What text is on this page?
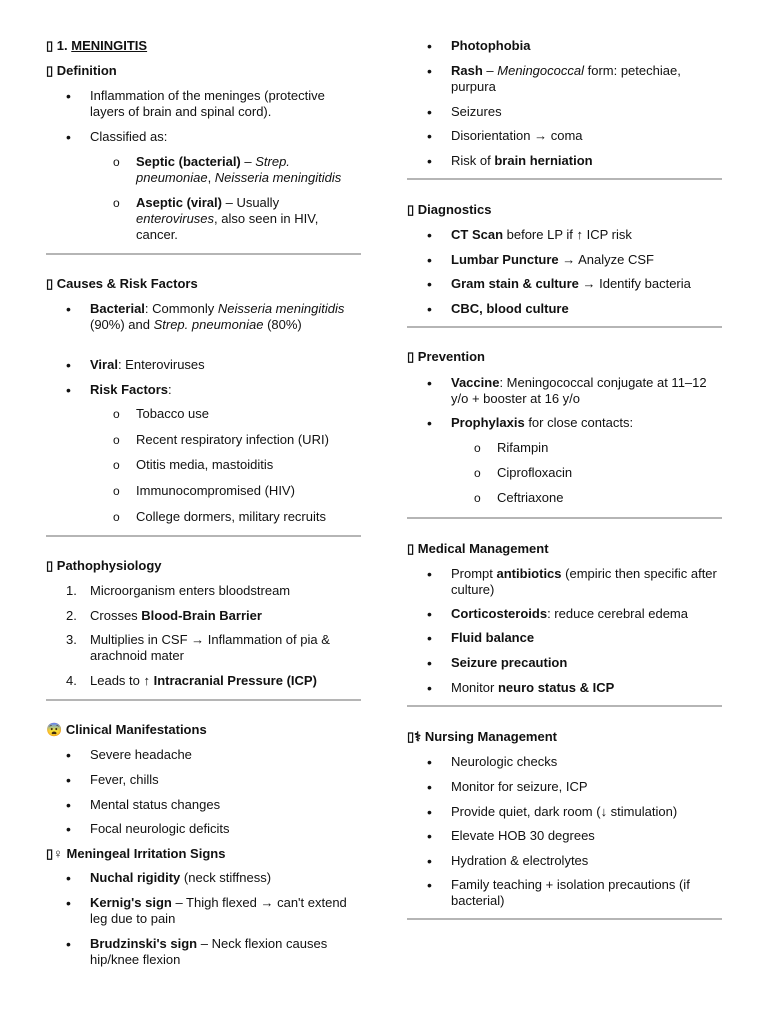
▯ 1. MENINGITIS
▯ Definition
•
Inflammation of the meninges (protective layers of brain and spinal cord).
•
Classified as:
o Septic (bacterial) – Strep. pneumoniae, Neisseria meningitidis
o Aseptic (viral) – Usually enteroviruses, also seen in HIV, cancer.
▯ Causes & Risk Factors
•
Bacterial: Commonly Neisseria meningitidis (90%) and Strep. pneumoniae (80%)
•
Viral: Enteroviruses
•
Risk Factors:
o Tobacco use
o Recent respiratory infection (URI)
o Otitis media, mastoiditis
o Immunocompromised (HIV)
o College dormers, military recruits
▯ Pathophysiology
1. Microorganism enters bloodstream
2. Crosses Blood-Brain Barrier
3. Multiplies in CSF → Inflammation of pia & arachnoid mater
4. Leads to ↑ Intracranial Pressure (ICP)
😨 Clinical Manifestations
•
Severe headache
•
Fever, chills
•
Mental status changes
•
Focal neurologic deficits
▯♀ Meningeal Irritation Signs
•
Nuchal rigidity (neck stiffness)
•
Kernig's sign – Thigh flexed → can't extend leg due to pain
•
Brudzinski's sign – Neck flexion causes hip/knee flexion
•
Photophobia
•
Rash – Meningococcal form: petechiae, purpura
•
Seizures
•
Disorientation → coma
•
Risk of brain herniation
▯ Diagnostics
•
CT Scan before LP if ↑ ICP risk
•
Lumbar Puncture → Analyze CSF
•
Gram stain & culture → Identify bacteria
•
CBC, blood culture
▯ Prevention
•
Vaccine: Meningococcal conjugate at 11–12 y/o + booster at 16 y/o
•
Prophylaxis for close contacts:
o Rifampin
o Ciprofloxacin
o Ceftriaxone
▯ Medical Management
•
Prompt antibiotics (empiric then specific after culture)
•
Corticosteroids: reduce cerebral edema
•
Fluid balance
•
Seizure precaution
•
Monitor neuro status & ICP
▯⚕ Nursing Management
•
Neurologic checks
•
Monitor for seizure, ICP
•
Provide quiet, dark room (↓ stimulation)
•
Elevate HOB 30 degrees
•
Hydration & electrolytes
•
Family teaching + isolation precautions (if bacterial)
